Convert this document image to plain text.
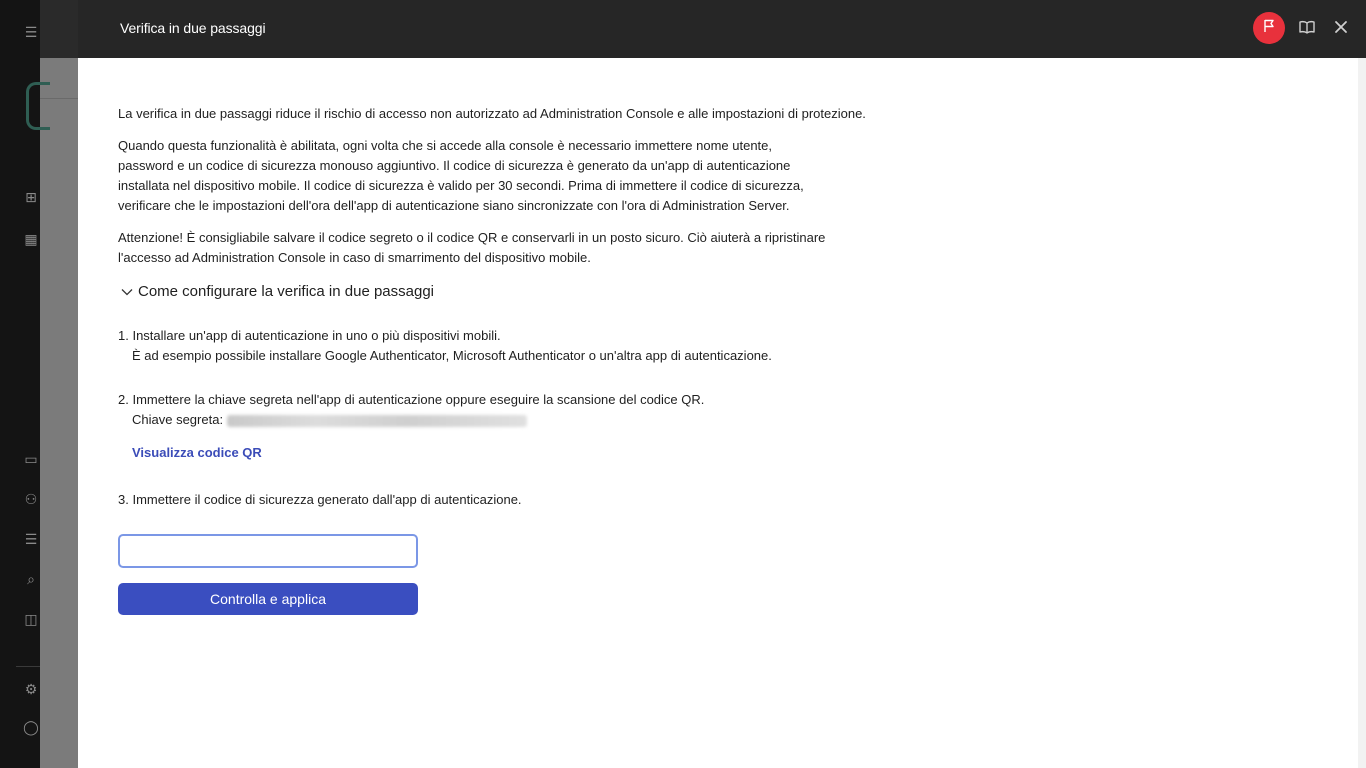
☰
⊞
▦
▭
⚇
☰
⌕
◫
⚙
◯
Verifica in due passaggi
La verifica in due passaggi riduce il rischio di accesso non autorizzato ad Administration Console e alle impostazioni di protezione.
Quando questa funzionalità è abilitata, ogni volta che si accede alla console è necessario immettere nome utente,
password e un codice di sicurezza monouso aggiuntivo. Il codice di sicurezza è generato da un'app di autenticazione
installata nel dispositivo mobile. Il codice di sicurezza è valido per 30 secondi. Prima di immettere il codice di sicurezza,
verificare che le impostazioni dell'ora dell'app di autenticazione siano sincronizzate con l'ora di Administration Server.
Attenzione! È consigliabile salvare il codice segreto o il codice QR e conservarli in un posto sicuro. Ciò aiuterà a ripristinare
l'accesso ad Administration Console in caso di smarrimento del dispositivo mobile.
Come configurare la verifica in due passaggi
1. Installare un'app di autenticazione in uno o più dispositivi mobili.
È ad esempio possibile installare Google Authenticator, Microsoft Authenticator o un'altra app di autenticazione.
2. Immettere la chiave segreta nell'app di autenticazione oppure eseguire la scansione del codice QR.
Chiave segreta:
Visualizza codice QR
3. Immettere il codice di sicurezza generato dall'app di autenticazione.
Controlla e applica
